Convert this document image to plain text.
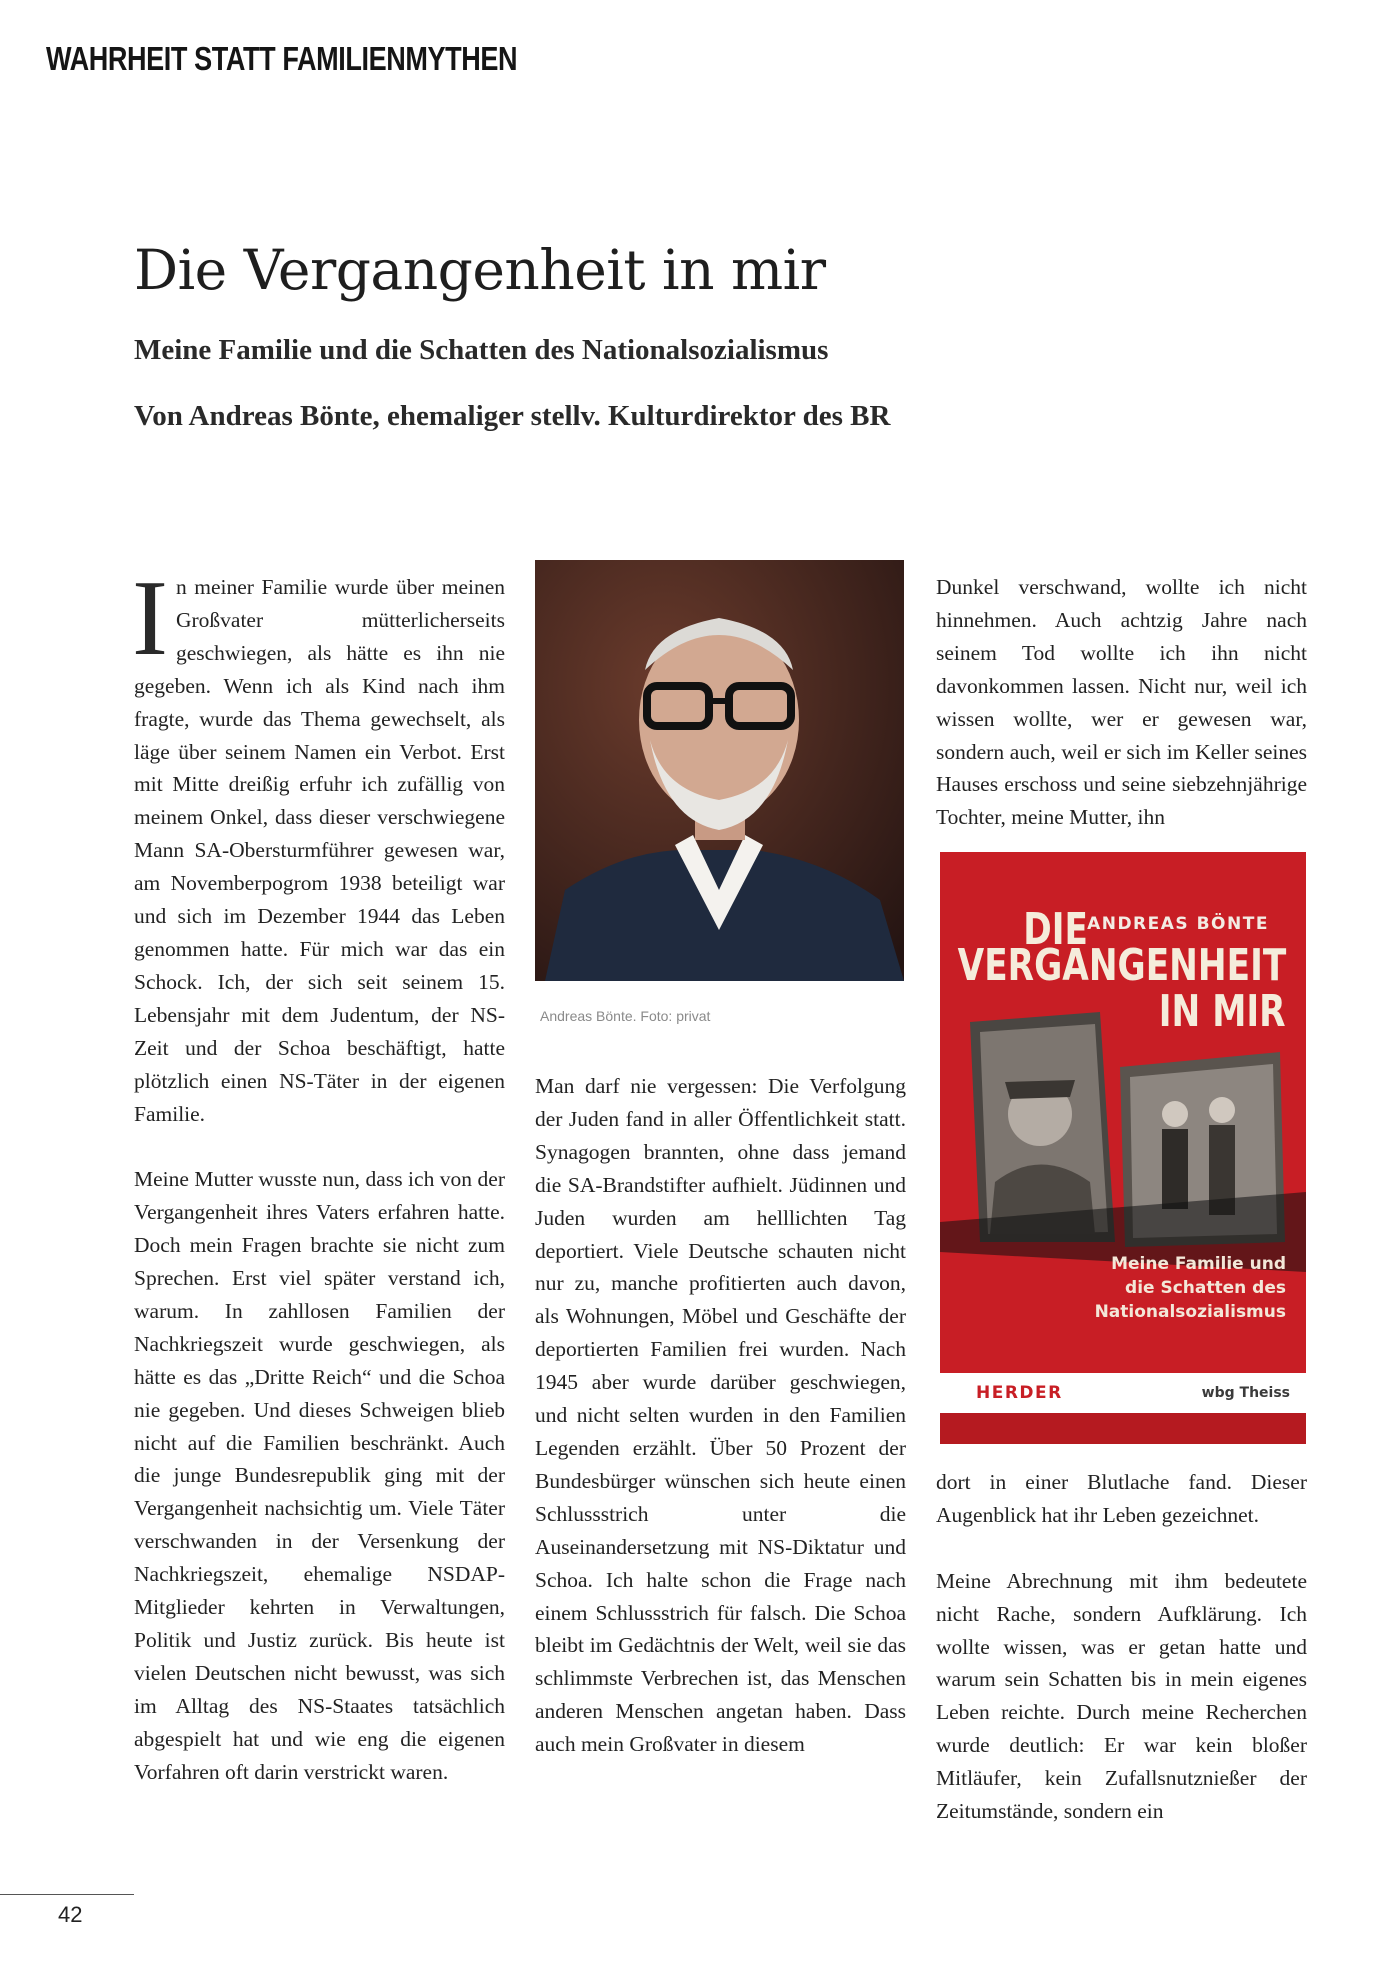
WAHRHEIT STATT FAMILIENMYTHEN
Die Vergangenheit in mir
Meine Familie und die Schatten des Nationalsozialismus
Von Andreas Bönte, ehemaliger stellv. Kulturdirektor des BR

In meiner Familie wurde über meinen Großvater mütterlicherseits geschwiegen, als hätte es ihn nie gegeben. Wenn ich als Kind nach ihm fragte, wurde das Thema gewechselt, als läge über seinem Namen ein Verbot. Erst mit Mitte dreißig erfuhr ich zufällig von meinem Onkel, dass dieser verschwiegene Mann SA-Obersturmführer gewesen war, am Novemberpogrom 1938 beteiligt war und sich im Dezember 1944 das Leben genommen hatte. Für mich war das ein Schock. Ich, der sich seit seinem 15. Lebensjahr mit dem Judentum, der NS-Zeit und der Schoa beschäftigt, hatte plötzlich einen NS-Täter in der eigenen Familie.

Meine Mutter wusste nun, dass ich von der Vergangenheit ihres Vaters erfahren hatte. Doch mein Fragen brachte sie nicht zum Sprechen. Erst viel später verstand ich, warum. In zahllosen Familien der Nachkriegszeit wurde geschwiegen, als hätte es das „Dritte Reich“ und die Schoa nie gegeben. Und dieses Schweigen blieb nicht auf die Familien beschränkt. Auch die junge Bundesrepublik ging mit der Vergangenheit nachsichtig um. Viele Täter verschwanden in der Versenkung der Nachkriegszeit, ehemalige NSDAP-Mitglieder kehrten in Verwaltungen, Politik und Justiz zurück. Bis heute ist vielen Deutschen nicht bewusst, was sich im Alltag des NS-Staates tatsächlich abgespielt hat und wie eng die eigenen Vorfahren oft darin verstrickt waren.

Andreas Bönte. Foto: privat

Man darf nie vergessen: Die Verfolgung der Juden fand in aller Öffentlichkeit statt. Synagogen brannten, ohne dass jemand die SA-Brandstifter aufhielt. Jüdinnen und Juden wurden am helllichten Tag deportiert. Viele Deutsche schauten nicht nur zu, manche profitierten auch davon, als Wohnungen, Möbel und Geschäfte der deportierten Familien frei wurden. Nach 1945 aber wurde darüber geschwiegen, und nicht selten wurden in den Familien Legenden erzählt. Über 50 Prozent der Bundesbürger wünschen sich heute einen Schlussstrich unter die Auseinandersetzung mit NS-Diktatur und Schoa. Ich halte schon die Frage nach einem Schlussstrich für falsch. Die Schoa bleibt im Gedächtnis der Welt, weil sie das schlimmste Verbrechen ist, das Menschen anderen Menschen angetan haben. Dass auch mein Großvater in diesem

Dunkel verschwand, wollte ich nicht hinnehmen. Auch achtzig Jahre nach seinem Tod wollte ich ihn nicht davonkommen lassen. Nicht nur, weil ich wissen wollte, wer er gewesen war, sondern auch, weil er sich im Keller seines Hauses erschoss und seine siebzehnjährige Tochter, meine Mutter, ihn

ANDREAS BÖNTE
DIE
VERGANGENHEIT
IN MIR
Meine Familie und
die Schatten des
Nationalsozialismus
HERDER	wbg Theiss

dort in einer Blutlache fand. Dieser Augenblick hat ihr Leben gezeichnet.

Meine Abrechnung mit ihm bedeutete nicht Rache, sondern Aufklärung. Ich wollte wissen, was er getan hatte und warum sein Schatten bis in mein eigenes Leben reichte. Durch meine Recherchen wurde deutlich: Er war kein bloßer Mitläufer, kein Zufallsnutznießer der Zeitumstände, sondern ein

42
